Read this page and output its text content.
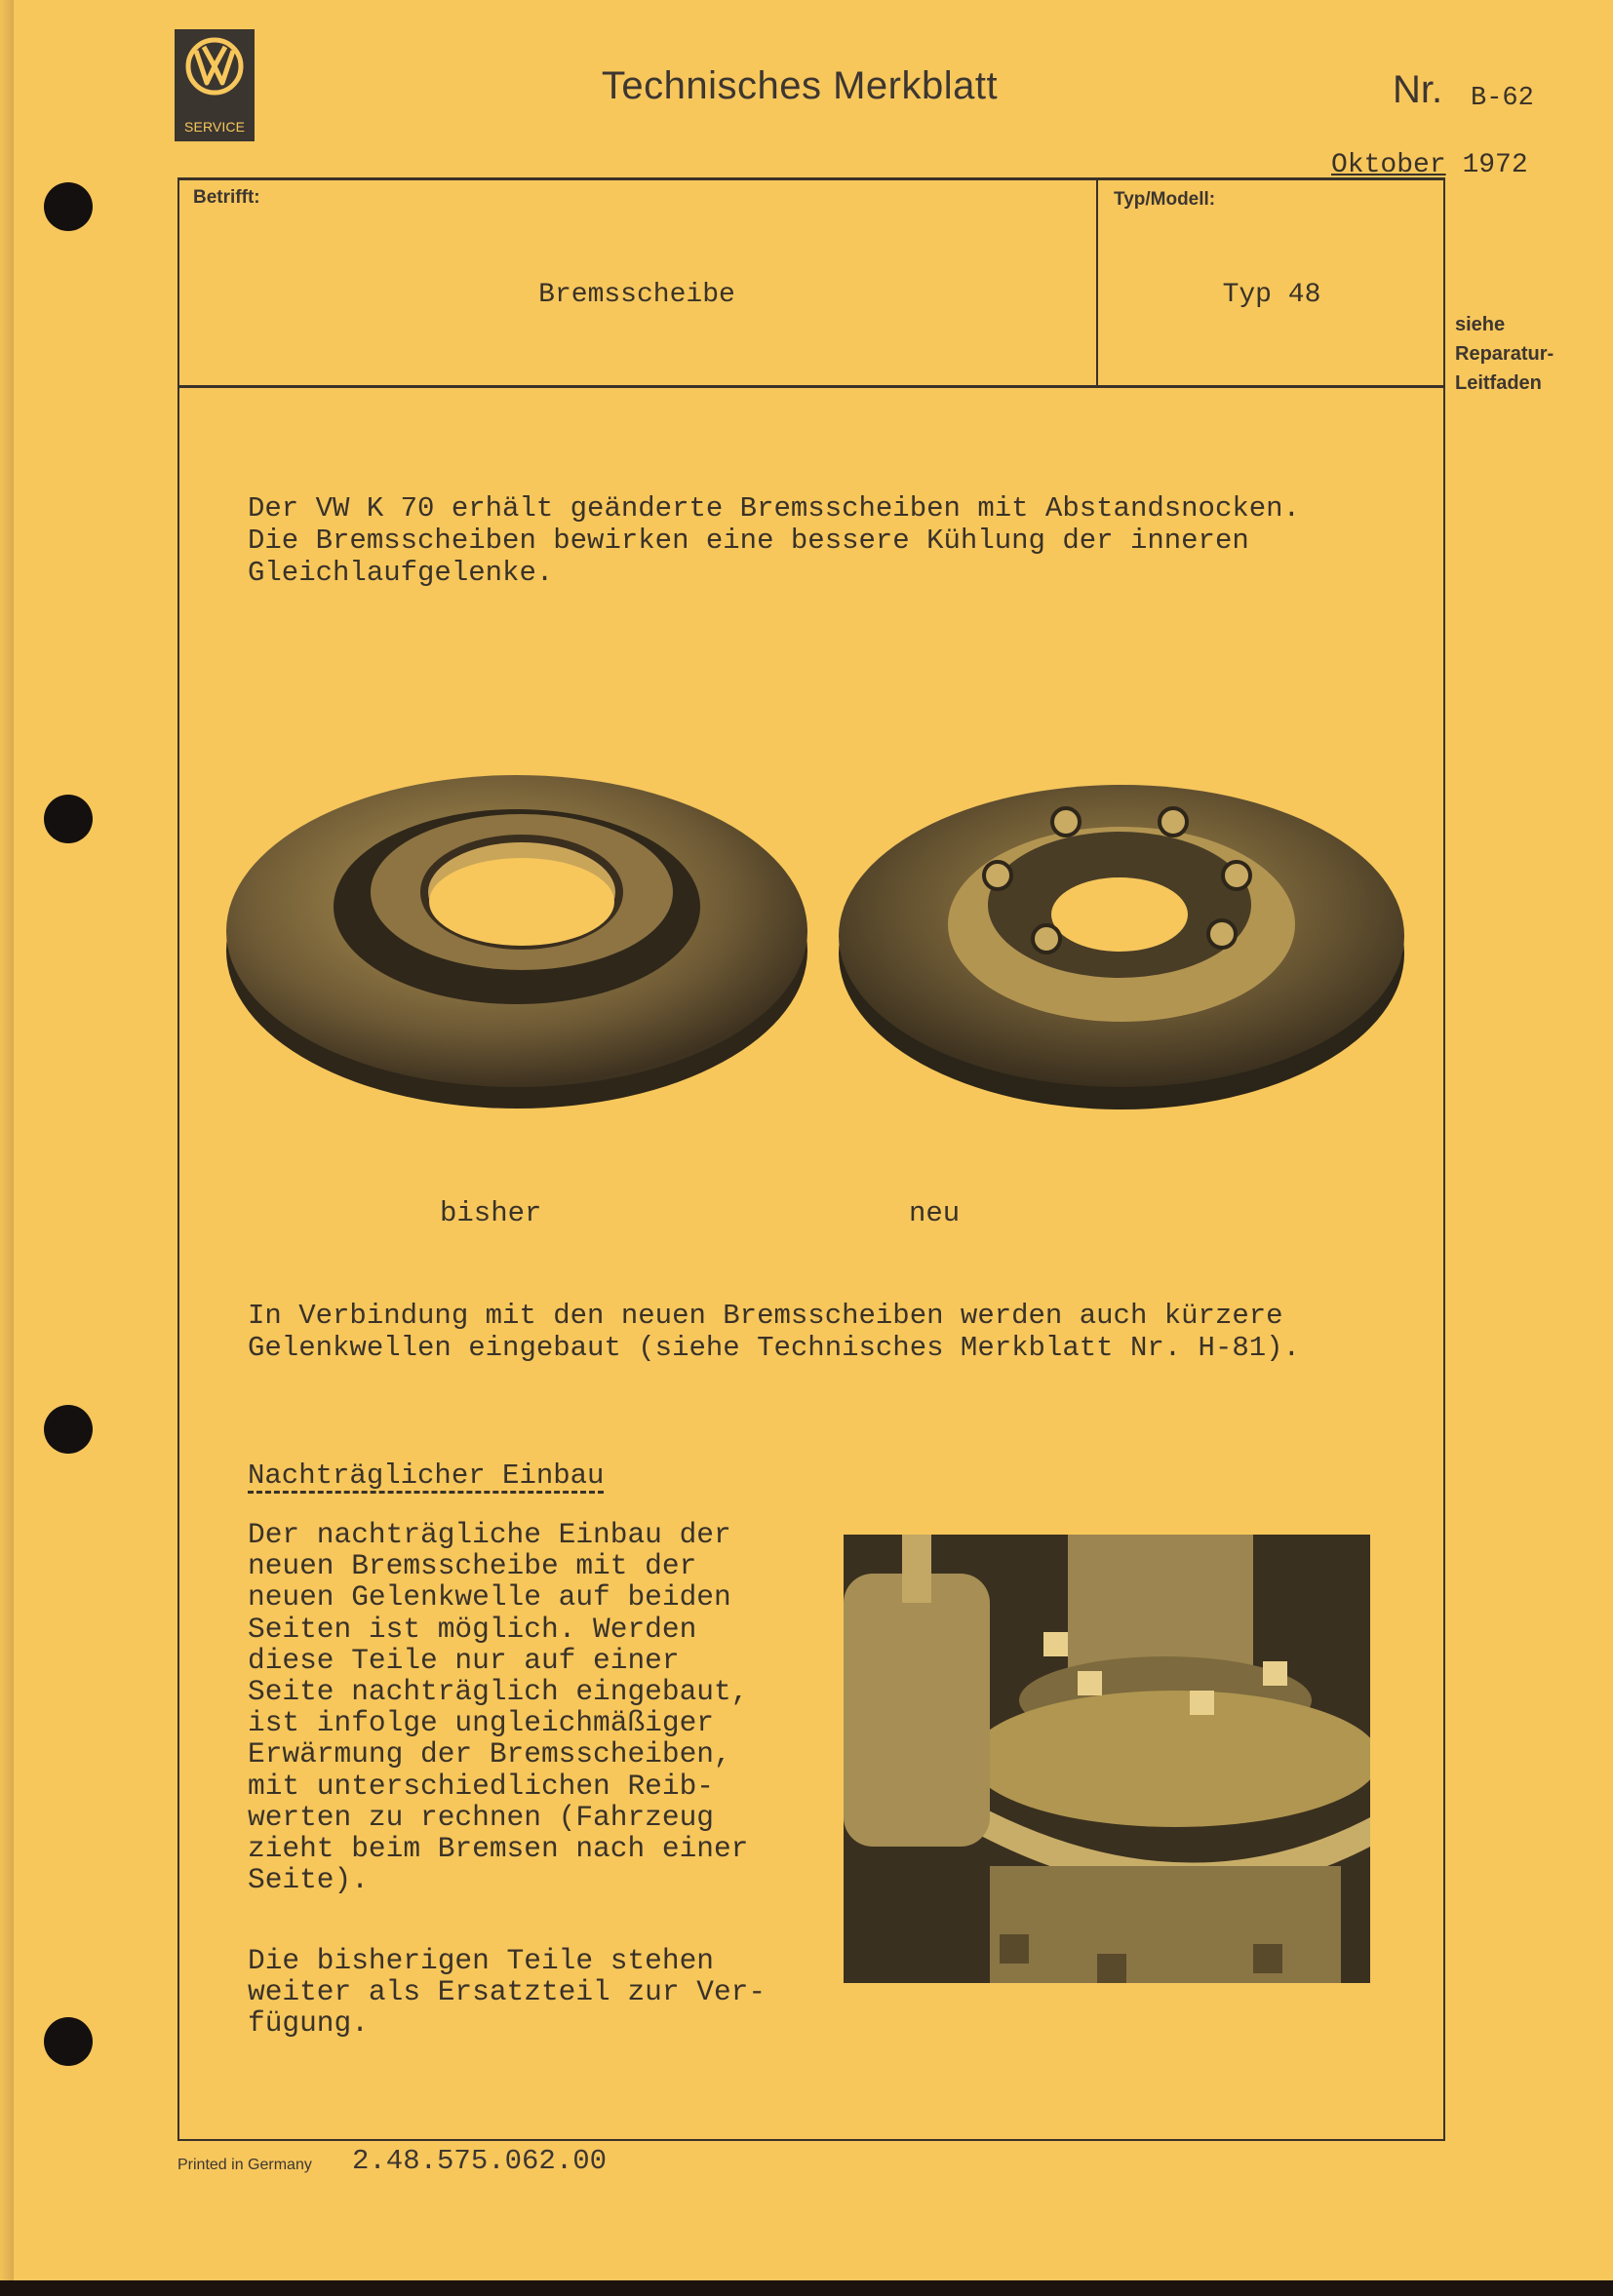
SERVICE
Technisches Merkblatt	Nr. B-62
Oktober 1972
Betrifft:
Bremsscheibe
Typ/Modell:
Typ 48
siehe
Reparatur-
Leitfaden
Der VW K 70 erhält geänderte Bremsscheiben mit Abstandsnocken.
Die Bremsscheiben bewirken eine bessere Kühlung der inneren
Gleichlaufgelenke.
bisher	neu
In Verbindung mit den neuen Bremsscheiben werden auch kürzere
Gelenkwellen eingebaut (siehe Technisches Merkblatt Nr. H-81).
Nachträglicher Einbau
Der nachträgliche Einbau der
neuen Bremsscheibe mit der
neuen Gelenkwelle auf beiden
Seiten ist möglich. Werden
diese Teile nur auf einer
Seite nachträglich eingebaut,
ist infolge ungleichmäßiger
Erwärmung der Bremsscheiben,
mit unterschiedlichen Reib-
werten zu rechnen (Fahrzeug
zieht beim Bremsen nach einer
Seite).
Die bisherigen Teile stehen
weiter als Ersatzteil zur Ver-
fügung.
Printed in Germany 2.48.575.062.00
